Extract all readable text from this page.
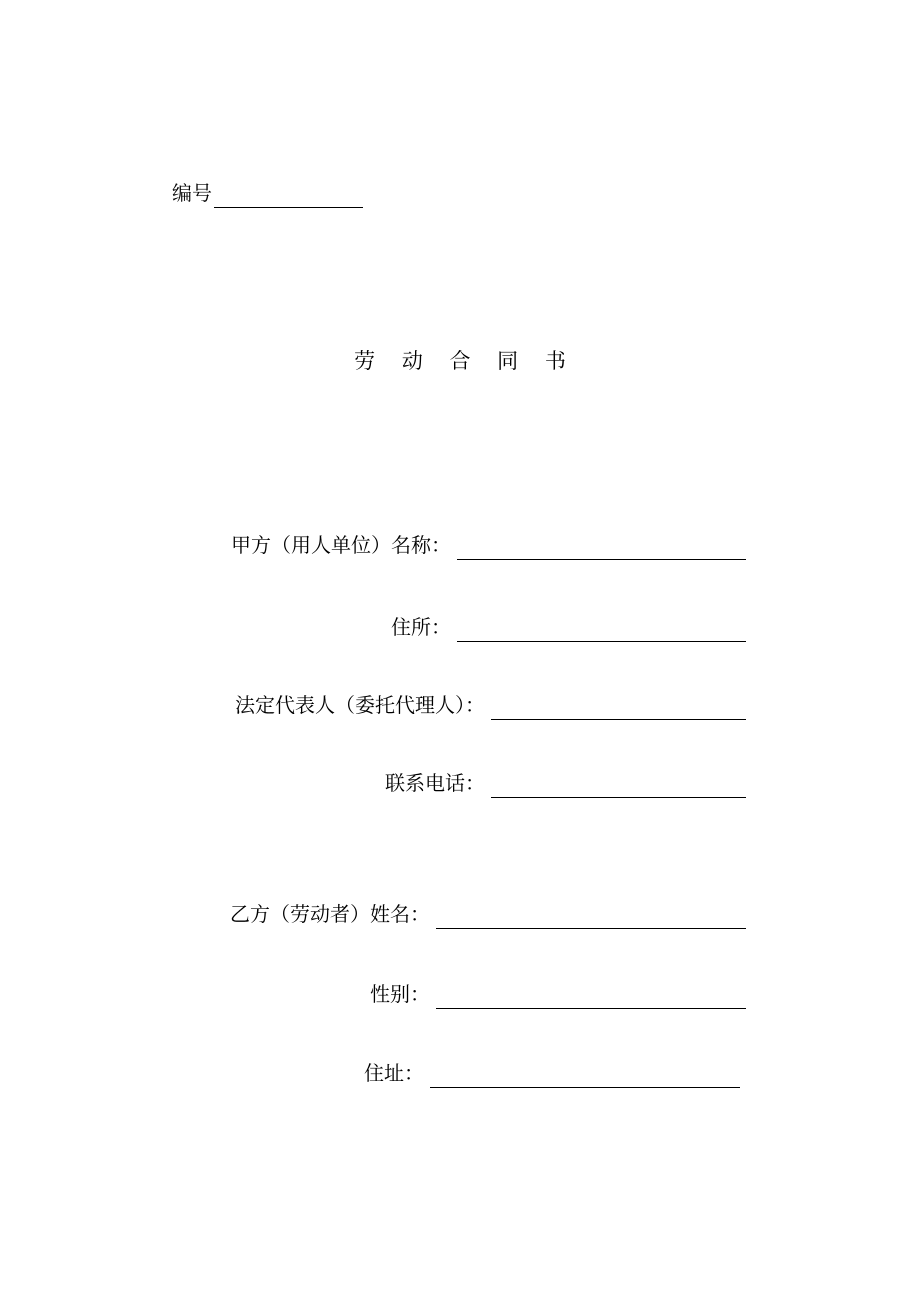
编号
劳 动 合 同 书
甲方（用人单位）名称：
住所：
法定代表人（委托代理人）：
联系电话：
乙方（劳动者）姓名：
性别：
住址：
